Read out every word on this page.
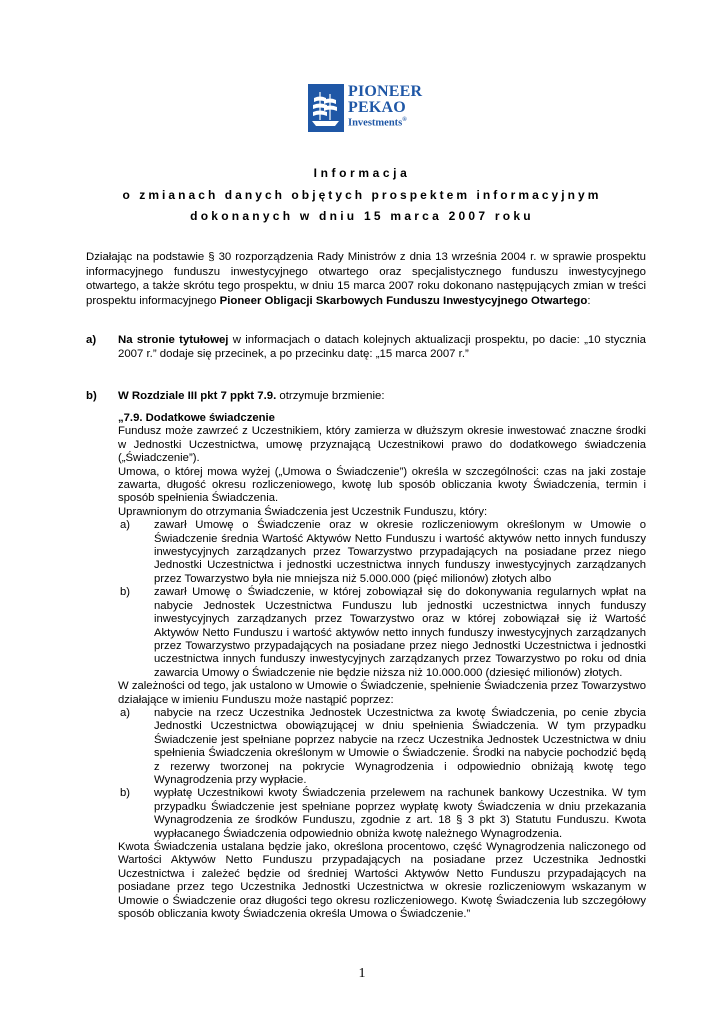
PIONEER
PEKAO
Investments®
Informacja
o zmianach danych objętych prospektem informacyjnym
dokonanych w dniu 15 marca 2007 roku
Działając na podstawie § 30 rozporządzenia Rady Ministrów z dnia 13 września 2004 r. w sprawie prospektu informacyjnego funduszu inwestycyjnego otwartego oraz specjalistycznego funduszu inwestycyjnego otwartego, a także skrótu tego prospektu, w dniu 15 marca 2007 roku dokonano następujących zmian w treści prospektu informacyjnego Pioneer Obligacji Skarbowych Funduszu Inwestycyjnego Otwartego:
a) Na stronie tytułowej w informacjach o datach kolejnych aktualizacji prospektu, po dacie: „10 stycznia 2007 r.” dodaje się przecinek, a po przecinku datę: „15 marca 2007 r.”
b) W Rozdziale III pkt 7 ppkt 7.9. otrzymuje brzmienie:

„7.9. Dodatkowe świadczenie

Fundusz może zawrzeć z Uczestnikiem, który zamierza w dłuższym okresie inwestować znaczne środki w Jednostki Uczestnictwa, umowę przyznającą Uczestnikowi prawo do dodatkowego świadczenia („Świadczenie”).

Umowa, o której mowa wyżej („Umowa o Świadczenie”) określa w szczególności: czas na jaki zostaje zawarta, długość okresu rozliczeniowego, kwotę lub sposób obliczania kwoty Świadczenia, termin i sposób spełnienia Świadczenia.

Uprawnionym do otrzymania Świadczenia jest Uczestnik Funduszu, który:

a) zawarł Umowę o Świadczenie oraz w okresie rozliczeniowym określonym w Umowie o Świadczenie średnia Wartość Aktywów Netto Funduszu i wartość aktywów netto innych funduszy inwestycyjnych zarządzanych przez Towarzystwo przypadających na posiadane przez niego Jednostki Uczestnictwa i jednostki uczestnictwa innych funduszy inwestycyjnych zarządzanych przez Towarzystwo była nie mniejsza niż 5.000.000 (pięć milionów) złotych albo
b) zawarł Umowę o Świadczenie, w której zobowiązał się do dokonywania regularnych wpłat na nabycie Jednostek Uczestnictwa Funduszu lub jednostki uczestnictwa innych funduszy inwestycyjnych zarządzanych przez Towarzystwo oraz w której zobowiązał się iż Wartość Aktywów Netto Funduszu i wartość aktywów netto innych funduszy inwestycyjnych zarządzanych przez Towarzystwo przypadających na posiadane przez niego Jednostki Uczestnictwa i jednostki uczestnictwa innych funduszy inwestycyjnych zarządzanych przez Towarzystwo po roku od dnia zawarcia Umowy o Świadczenie nie będzie niższa niż 10.000.000 (dziesięć milionów) złotych.

W zależności od tego, jak ustalono w Umowie o Świadczenie, spełnienie Świadczenia przez Towarzystwo działające w imieniu Funduszu może nastąpić poprzez:

a) nabycie na rzecz Uczestnika Jednostek Uczestnictwa za kwotę Świadczenia, po cenie zbycia Jednostki Uczestnictwa obowiązującej w dniu spełnienia Świadczenia. W tym przypadku Świadczenie jest spełniane poprzez nabycie na rzecz Uczestnika Jednostek Uczestnictwa w dniu spełnienia Świadczenia określonym w Umowie o Świadczenie. Środki na nabycie pochodzić będą z rezerwy tworzonej na pokrycie Wynagrodzenia i odpowiednio obniżają kwotę tego Wynagrodzenia przy wypłacie.
b) wypłatę Uczestnikowi kwoty Świadczenia przelewem na rachunek bankowy Uczestnika. W tym przypadku Świadczenie jest spełniane poprzez wypłatę kwoty Świadczenia w dniu przekazania Wynagrodzenia ze środków Funduszu, zgodnie z art. 18 § 3 pkt 3) Statutu Funduszu. Kwota wypłacanego Świadczenia odpowiednio obniża kwotę należnego Wynagrodzenia.

Kwota Świadczenia ustalana będzie jako, określona procentowo, część Wynagrodzenia naliczonego od Wartości Aktywów Netto Funduszu przypadających na posiadane przez Uczestnika Jednostki Uczestnictwa i zależeć będzie od średniej Wartości Aktywów Netto Funduszu przypadających na posiadane przez tego Uczestnika Jednostki Uczestnictwa w okresie rozliczeniowym wskazanym w Umowie o Świadczenie oraz długości tego okresu rozliczeniowego. Kwotę Świadczenia lub szczegółowy sposób obliczania kwoty Świadczenia określa Umowa o Świadczenie.”

1
